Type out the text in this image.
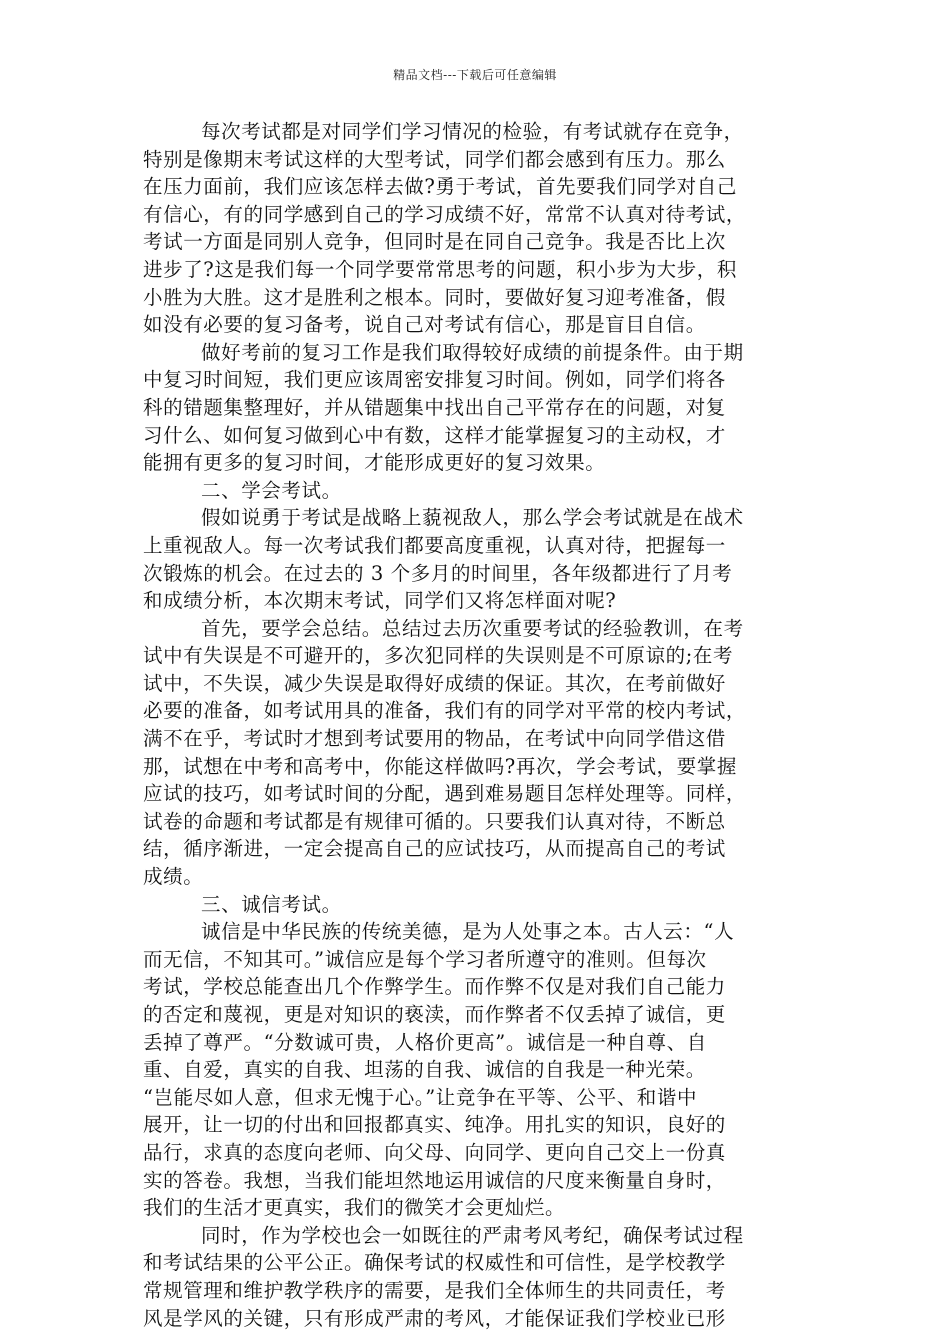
精品文档---下载后可任意编辑
每次考试都是对同学们学习情况的检验，有考试就存在竞争，
特别是像期末考试这样的大型考试，同学们都会感到有压力。那么
在压力面前，我们应该怎样去做?勇于考试，首先要我们同学对自己
有信心，有的同学感到自己的学习成绩不好，常常不认真对待考试，
考试一方面是同别人竞争，但同时是在同自己竞争。我是否比上次
进步了?这是我们每一个同学要常常思考的问题，积小步为大步，积
小胜为大胜。这才是胜利之根本。同时，要做好复习迎考准备，假
如没有必要的复习备考，说自己对考试有信心，那是盲目自信。
做好考前的复习工作是我们取得较好成绩的前提条件。由于期
中复习时间短，我们更应该周密安排复习时间。例如，同学们将各
科的错题集整理好，并从错题集中找出自己平常存在的问题，对复
习什么、如何复习做到心中有数，这样才能掌握复习的主动权，才
能拥有更多的复习时间，才能形成更好的复习效果。
二、学会考试。
假如说勇于考试是战略上藐视敌人，那么学会考试就是在战术
上重视敌人。每一次考试我们都要高度重视，认真对待，把握每一
次锻炼的机会。在过去的 3 个多月的时间里，各年级都进行了月考
和成绩分析，本次期末考试，同学们又将怎样面对呢?
首先，要学会总结。总结过去历次重要考试的经验教训，在考
试中有失误是不可避开的，多次犯同样的失误则是不可原谅的;在考
试中，不失误，减少失误是取得好成绩的保证。其次，在考前做好
必要的准备，如考试用具的准备，我们有的同学对平常的校内考试，
满不在乎，考试时才想到考试要用的物品，在考试中向同学借这借
那，试想在中考和高考中，你能这样做吗?再次，学会考试，要掌握
应试的技巧，如考试时间的分配，遇到难易题目怎样处理等。同样，
试卷的命题和考试都是有规律可循的。只要我们认真对待，不断总
结，循序渐进，一定会提高自己的应试技巧，从而提高自己的考试
成绩。
三、诚信考试。
诚信是中华民族的传统美德，是为人处事之本。古人云：“人
而无信，不知其可。”诚信应是每个学习者所遵守的准则。但每次
考试，学校总能查出几个作弊学生。而作弊不仅是对我们自己能力
的否定和蔑视，更是对知识的亵渎，而作弊者不仅丢掉了诚信，更
丢掉了尊严。“分数诚可贵，人格价更高”。诚信是一种自尊、自
重、自爱，真实的自我、坦荡的自我、诚信的自我是一种光荣。
“岂能尽如人意，但求无愧于心。”让竞争在平等、公平、和谐中
展开，让一切的付出和回报都真实、纯净。用扎实的知识，良好的
品行，求真的态度向老师、向父母、向同学、更向自己交上一份真
实的答卷。我想，当我们能坦然地运用诚信的尺度来衡量自身时，
我们的生活才更真实，我们的微笑才会更灿烂。
同时，作为学校也会一如既往的严肃考风考纪，确保考试过程
和考试结果的公平公正。确保考试的权威性和可信性，是学校教学
常规管理和维护教学秩序的需要，是我们全体师生的共同责任，考
风是学风的关键，只有形成严肃的考风，才能保证我们学校业已形
